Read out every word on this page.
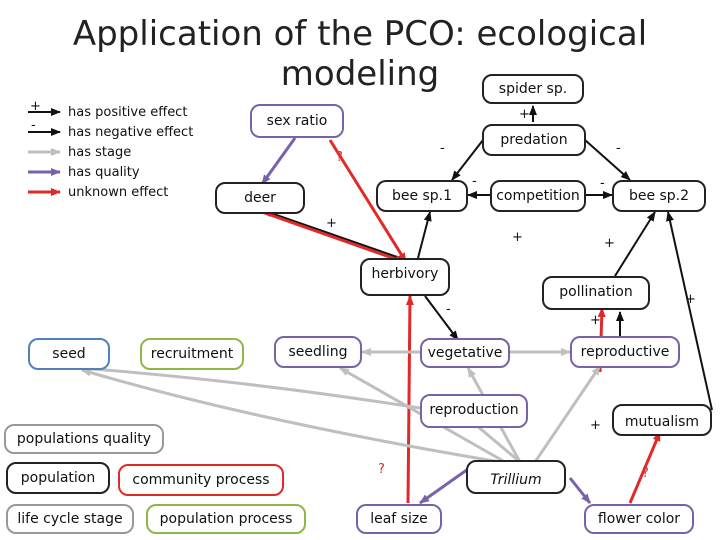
Application of the PCO: ecological modeling
+
-
has positive effect
has negative effect
has stage
has quality
unknown effect
spider sp.
sex ratio
predation
deer	bee sp.1	competition	bee sp.2
herbivory
pollination
seed	recruitment	seedling	vegetative	reproductive
reproduction
mutualism
populations quality
population	community process	Trillium
life cycle stage	population process	leaf size	flower color
+
-	-
-	-
?
+
+	+
-
+
+
?
+
?
